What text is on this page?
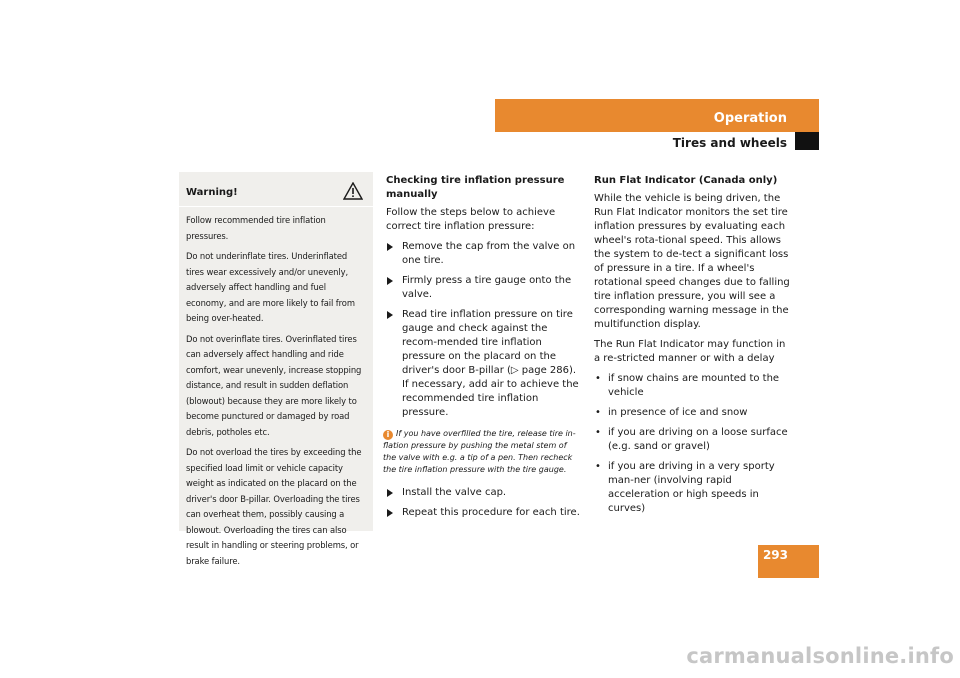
Operation
Tires and wheels
Warning!

Follow recommended tire inflation pressures.

Do not underinflate tires. Underinflated tires wear excessively and/or unevenly, adversely affect handling and fuel economy, and are more likely to fail from being over-heated.

Do not overinflate tires. Overinflated tires can adversely affect handling and ride comfort, wear unevenly, increase stopping distance, and result in sudden deflation (blowout) because they are more likely to become punctured or damaged by road debris, potholes etc.

Do not overload the tires by exceeding the specified load limit or vehicle capacity weight as indicated on the placard on the driver's door B-pillar. Overloading the tires can overheat them, possibly causing a blowout. Overloading the tires can also result in handling or steering problems, or brake failure.

Checking tire inflation pressure manually
Follow the steps below to achieve correct tire inflation pressure:
Remove the cap from the valve on one tire.
Firmly press a tire gauge onto the valve.
Read tire inflation pressure on tire gauge and check against the recom-mended tire inflation pressure on the placard on the driver's door B-pillar (▷ page 286). If necessary, add air to achieve the recommended tire inflation pressure.
i If you have overfilled the tire, release tire in-flation pressure by pushing the metal stem of the valve with e.g. a tip of a pen. Then recheck the tire inflation pressure with the tire gauge.
Install the valve cap.
Repeat this procedure for each tire.
Run Flat Indicator (Canada only)
While the vehicle is being driven, the Run Flat Indicator monitors the set tire inflation pressures by evaluating each wheel's rota-tional speed. This allows the system to de-tect a significant loss of pressure in a tire. If a wheel's rotational speed changes due to falling tire inflation pressure, you will see a corresponding warning message in the multifunction display.
The Run Flat Indicator may function in a re-stricted manner or with a delay
• if snow chains are mounted to the vehicle
• in presence of ice and snow
• if you are driving on a loose surface (e.g. sand or gravel)
• if you are driving in a very sporty man-ner (involving rapid acceleration or high speeds in curves)
293
carmanualsonline.info
